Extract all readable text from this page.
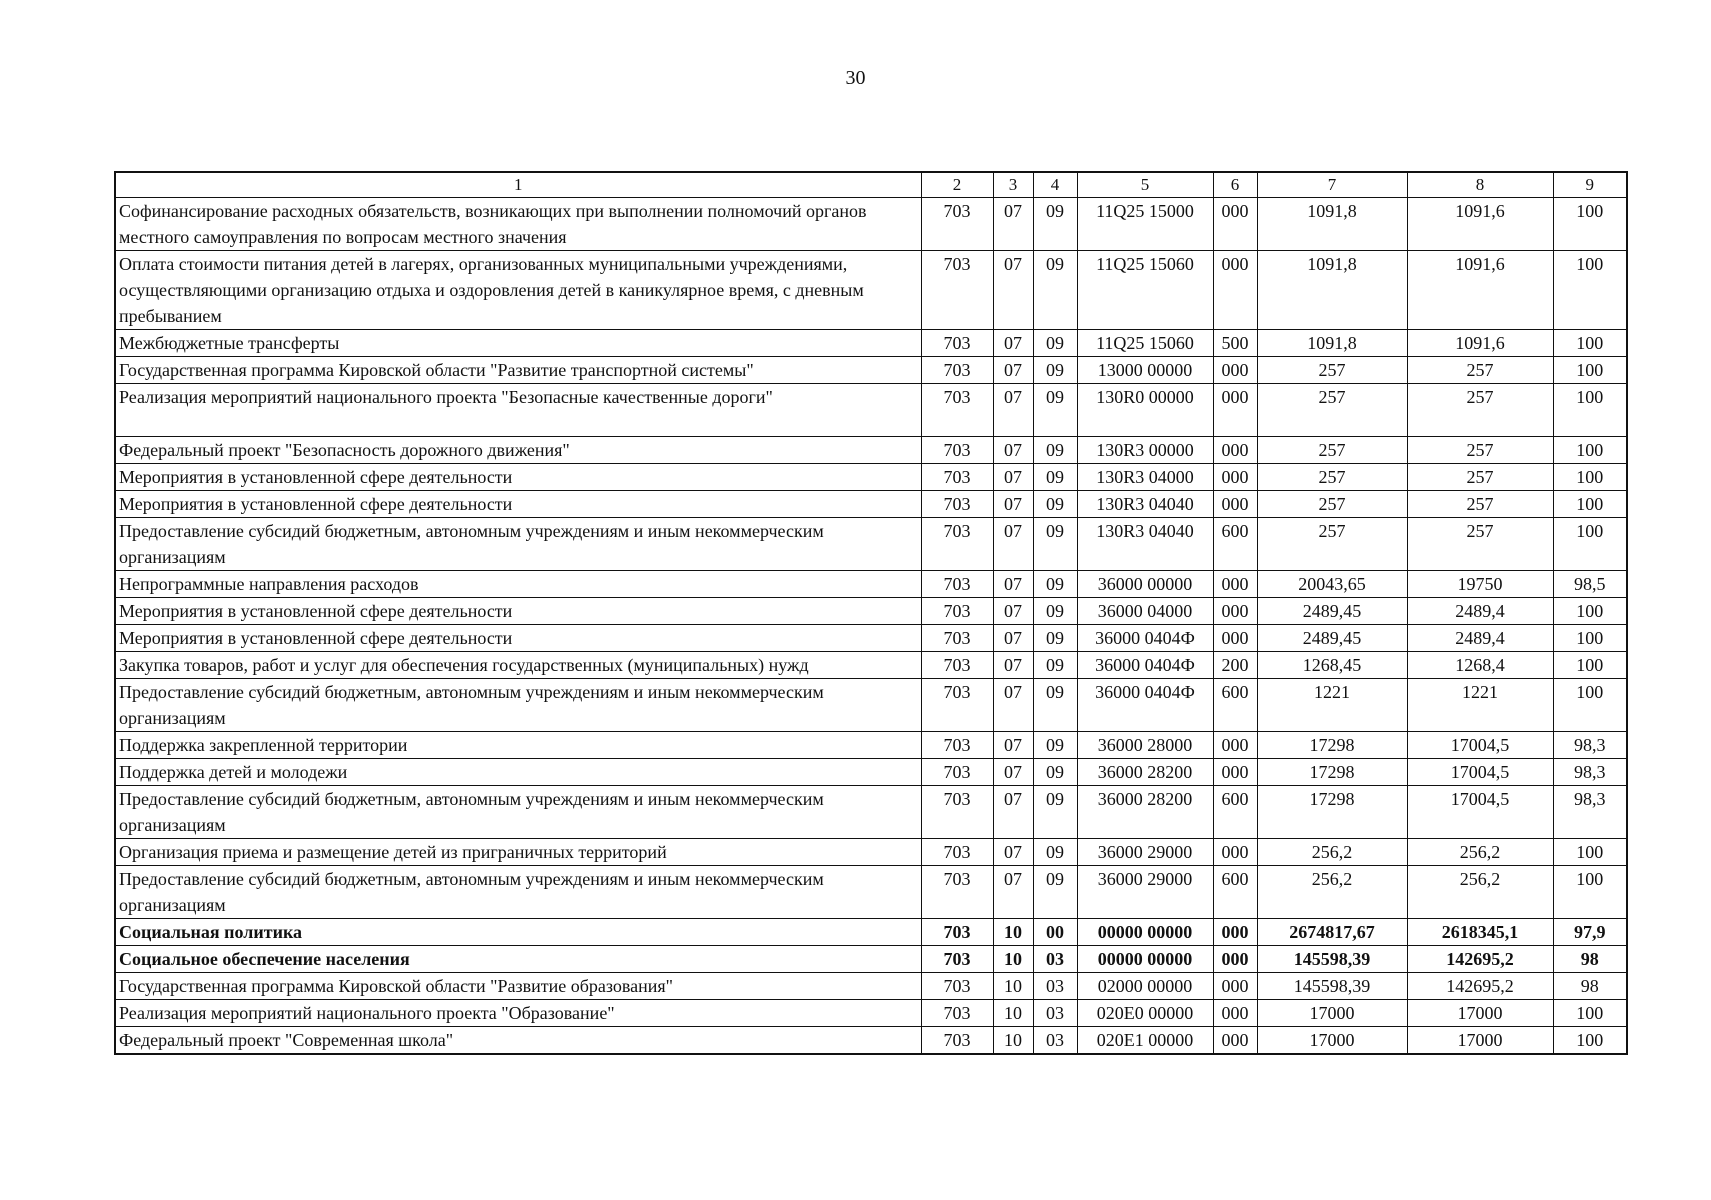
30
1	2	3	4	5	6	7	8	9
Софинансирование расходных обязательств, возникающих при выполнении полномочий органов местного самоуправления по вопросам местного значения	703	07	09	11Q25 15000	000	1091,8	1091,6	100
Оплата стоимости питания детей в лагерях, организованных муниципальными учреждениями, осуществляющими организацию отдыха и оздоровления детей в каникулярное время, с дневным пребыванием	703	07	09	11Q25 15060	000	1091,8	1091,6	100
Межбюджетные трансферты	703	07	09	11Q25 15060	500	1091,8	1091,6	100
Государственная программа Кировской области "Развитие транспортной системы"	703	07	09	13000 00000	000	257	257	100
Реализация мероприятий национального проекта "Безопасные качественные дороги"	703	07	09	130R0 00000	000	257	257	100
Федеральный проект "Безопасность дорожного движения"	703	07	09	130R3 00000	000	257	257	100
Мероприятия в установленной сфере деятельности	703	07	09	130R3 04000	000	257	257	100
Мероприятия в установленной сфере деятельности	703	07	09	130R3 04040	000	257	257	100
Предоставление субсидий бюджетным, автономным учреждениям и иным некоммерческим организациям	703	07	09	130R3 04040	600	257	257	100
Непрограммные направления расходов	703	07	09	36000 00000	000	20043,65	19750	98,5
Мероприятия в установленной сфере деятельности	703	07	09	36000 04000	000	2489,45	2489,4	100
Мероприятия в установленной сфере деятельности	703	07	09	36000 0404Ф	000	2489,45	2489,4	100
Закупка товаров, работ и услуг для обеспечения государственных (муниципальных) нужд	703	07	09	36000 0404Ф	200	1268,45	1268,4	100
Предоставление субсидий бюджетным, автономным учреждениям и иным некоммерческим организациям	703	07	09	36000 0404Ф	600	1221	1221	100
Поддержка закрепленной территории	703	07	09	36000 28000	000	17298	17004,5	98,3
Поддержка детей и молодежи	703	07	09	36000 28200	000	17298	17004,5	98,3
Предоставление субсидий бюджетным, автономным учреждениям и иным некоммерческим организациям	703	07	09	36000 28200	600	17298	17004,5	98,3
Организация приема и размещение детей из приграничных территорий	703	07	09	36000 29000	000	256,2	256,2	100
Предоставление субсидий бюджетным, автономным учреждениям и иным некоммерческим организациям	703	07	09	36000 29000	600	256,2	256,2	100
Социальная политика	703	10	00	00000 00000	000	2674817,67	2618345,1	97,9
Социальное обеспечение населения	703	10	03	00000 00000	000	145598,39	142695,2	98
Государственная программа Кировской области "Развитие образования"	703	10	03	02000 00000	000	145598,39	142695,2	98
Реализация мероприятий национального проекта "Образование"	703	10	03	020E0 00000	000	17000	17000	100
Федеральный проект "Современная школа"	703	10	03	020E1 00000	000	17000	17000	100
